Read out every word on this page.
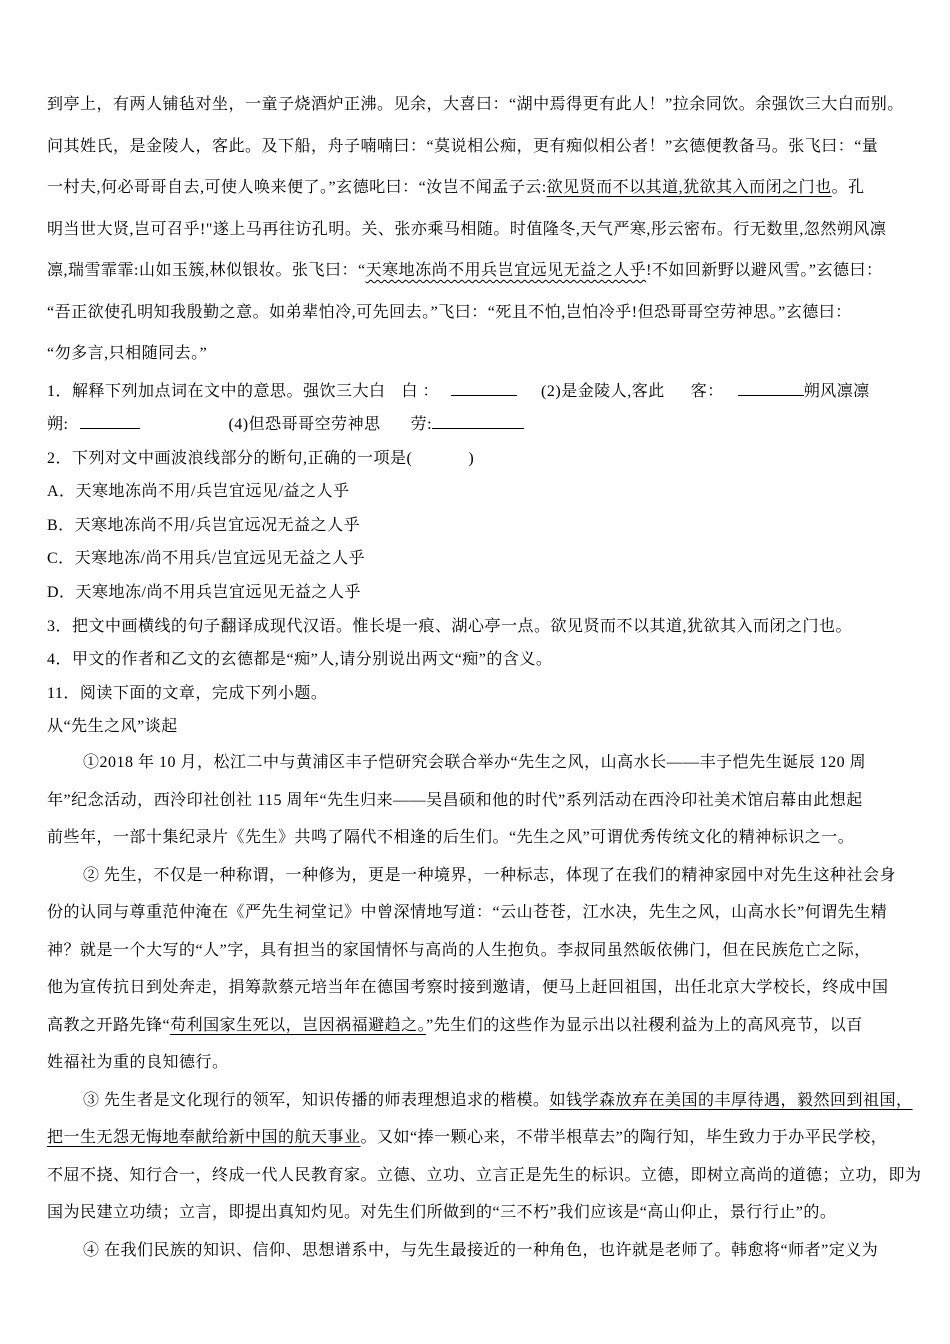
到亭上，有两人铺毡对坐，一童子烧酒炉正沸。见余，大喜曰：“湖中焉得更有此人！”拉余同饮。余强饮三大白而别。
问其姓氏，是金陵人，客此。及下船，舟子喃喃曰：“莫说相公痴，更有痴似相公者！”玄德便教备马。张飞曰：“量
一村夫,何必哥哥自去,可使人唤来便了。”玄德叱曰：“汝岂不闻孟子云:欲见贤而不以其道,犹欲其入而闭之门也。孔
明当世大贤,岂可召乎!"遂上马再往访孔明。关、张亦乘马相随。时值隆冬,天气严寒,彤云密布。行无数里,忽然朔风凛
凛,瑞雪霏霏:山如玉簇,林似银妆。张飞曰：“天寒地冻尚不用兵岂宜远见无益之人乎!不如回新野以避风雪。”玄德曰：
“吾正欲使孔明知我殷勤之意。如弟辈怕冷,可先回去。”飞曰：“死且不怕,岂怕冷乎!但恐哥哥空劳神思。”玄德曰：
“勿多言,只相随同去。”
1．解释下列加点词在文中的意思。强饮三大白 白 ：	(2)是金陵人,客此 客：	朔风凛凛
朔:	(4)但恐哥哥空劳神思 劳:
2．下列对文中画波浪线部分的断句,正确的一项是(	)
A．天寒地冻尚不用/兵岂宜远见/益之人乎
B．天寒地冻尚不用/兵岂宜远况无益之人乎
C．天寒地冻/尚不用兵/岂宜远见无益之人乎
D．天寒地冻/尚不用兵岂宜远见无益之人乎
3．把文中画横线的句子翻译成现代汉语。惟长堤一痕、湖心亭一点。欲见贤而不以其道,犹欲其入而闭之门也。
4．甲文的作者和乙文的玄德都是“痴”人,请分别说出两文“痴”的含义。
11．阅读下面的文章，完成下列小题。
从“先生之风”谈起
①2018 年 10 月，松江二中与黄浦区丰子恺研究会联合举办“先生之风，山高水长——丰子恺先生诞辰 120 周
年”纪念活动，西泠印社创社 115 周年“先生归来——吴昌硕和他的时代”系列活动在西泠印社美术馆启幕由此想起
前些年，一部十集纪录片《先生》共鸣了隔代不相逢的后生们。“先生之风”可谓优秀传统文化的精神标识之一。
② 先生，不仅是一种称谓，一种修为，更是一种境界，一种标志，体现了在我们的精神家园中对先生这种社会身
份的认同与尊重范仲淹在《严先生祠堂记》中曾深情地写道：“云山苍苍，江水决，先生之风，山高水长”何谓先生精
神？就是一个大写的“人”字，具有担当的家国情怀与高尚的人生抱负。李叔同虽然皈依佛门，但在民族危亡之际，
他为宣传抗日到处奔走，捐筹款蔡元培当年在德国考察时接到邀请，便马上赶回祖国，出任北京大学校长，终成中国
高教之开路先锋“苟利国家生死以，岂因祸福避趋之。”先生们的这些作为显示出以社稷利益为上的高风亮节，以百
姓福社为重的良知德行。
③ 先生者是文化现行的领军，知识传播的师表理想追求的楷模。如钱学森放弃在美国的丰厚待遇，毅然回到祖国，
把一生无怨无悔地奉献给新中国的航天事业。又如“捧一颗心来，不带半根草去”的陶行知，毕生致力于办平民学校，
不屈不挠、知行合一，终成一代人民教育家。立德、立功、立言正是先生的标识。立德，即树立高尚的道德；立功，即为
国为民建立功绩；立言，即提出真知灼见。对先生们所做到的“三不朽”我们应该是“高山仰止，景行行止”的。
④ 在我们民族的知识、信仰、思想谱系中，与先生最接近的一种角色，也许就是老师了。韩愈将“师者”定义为
